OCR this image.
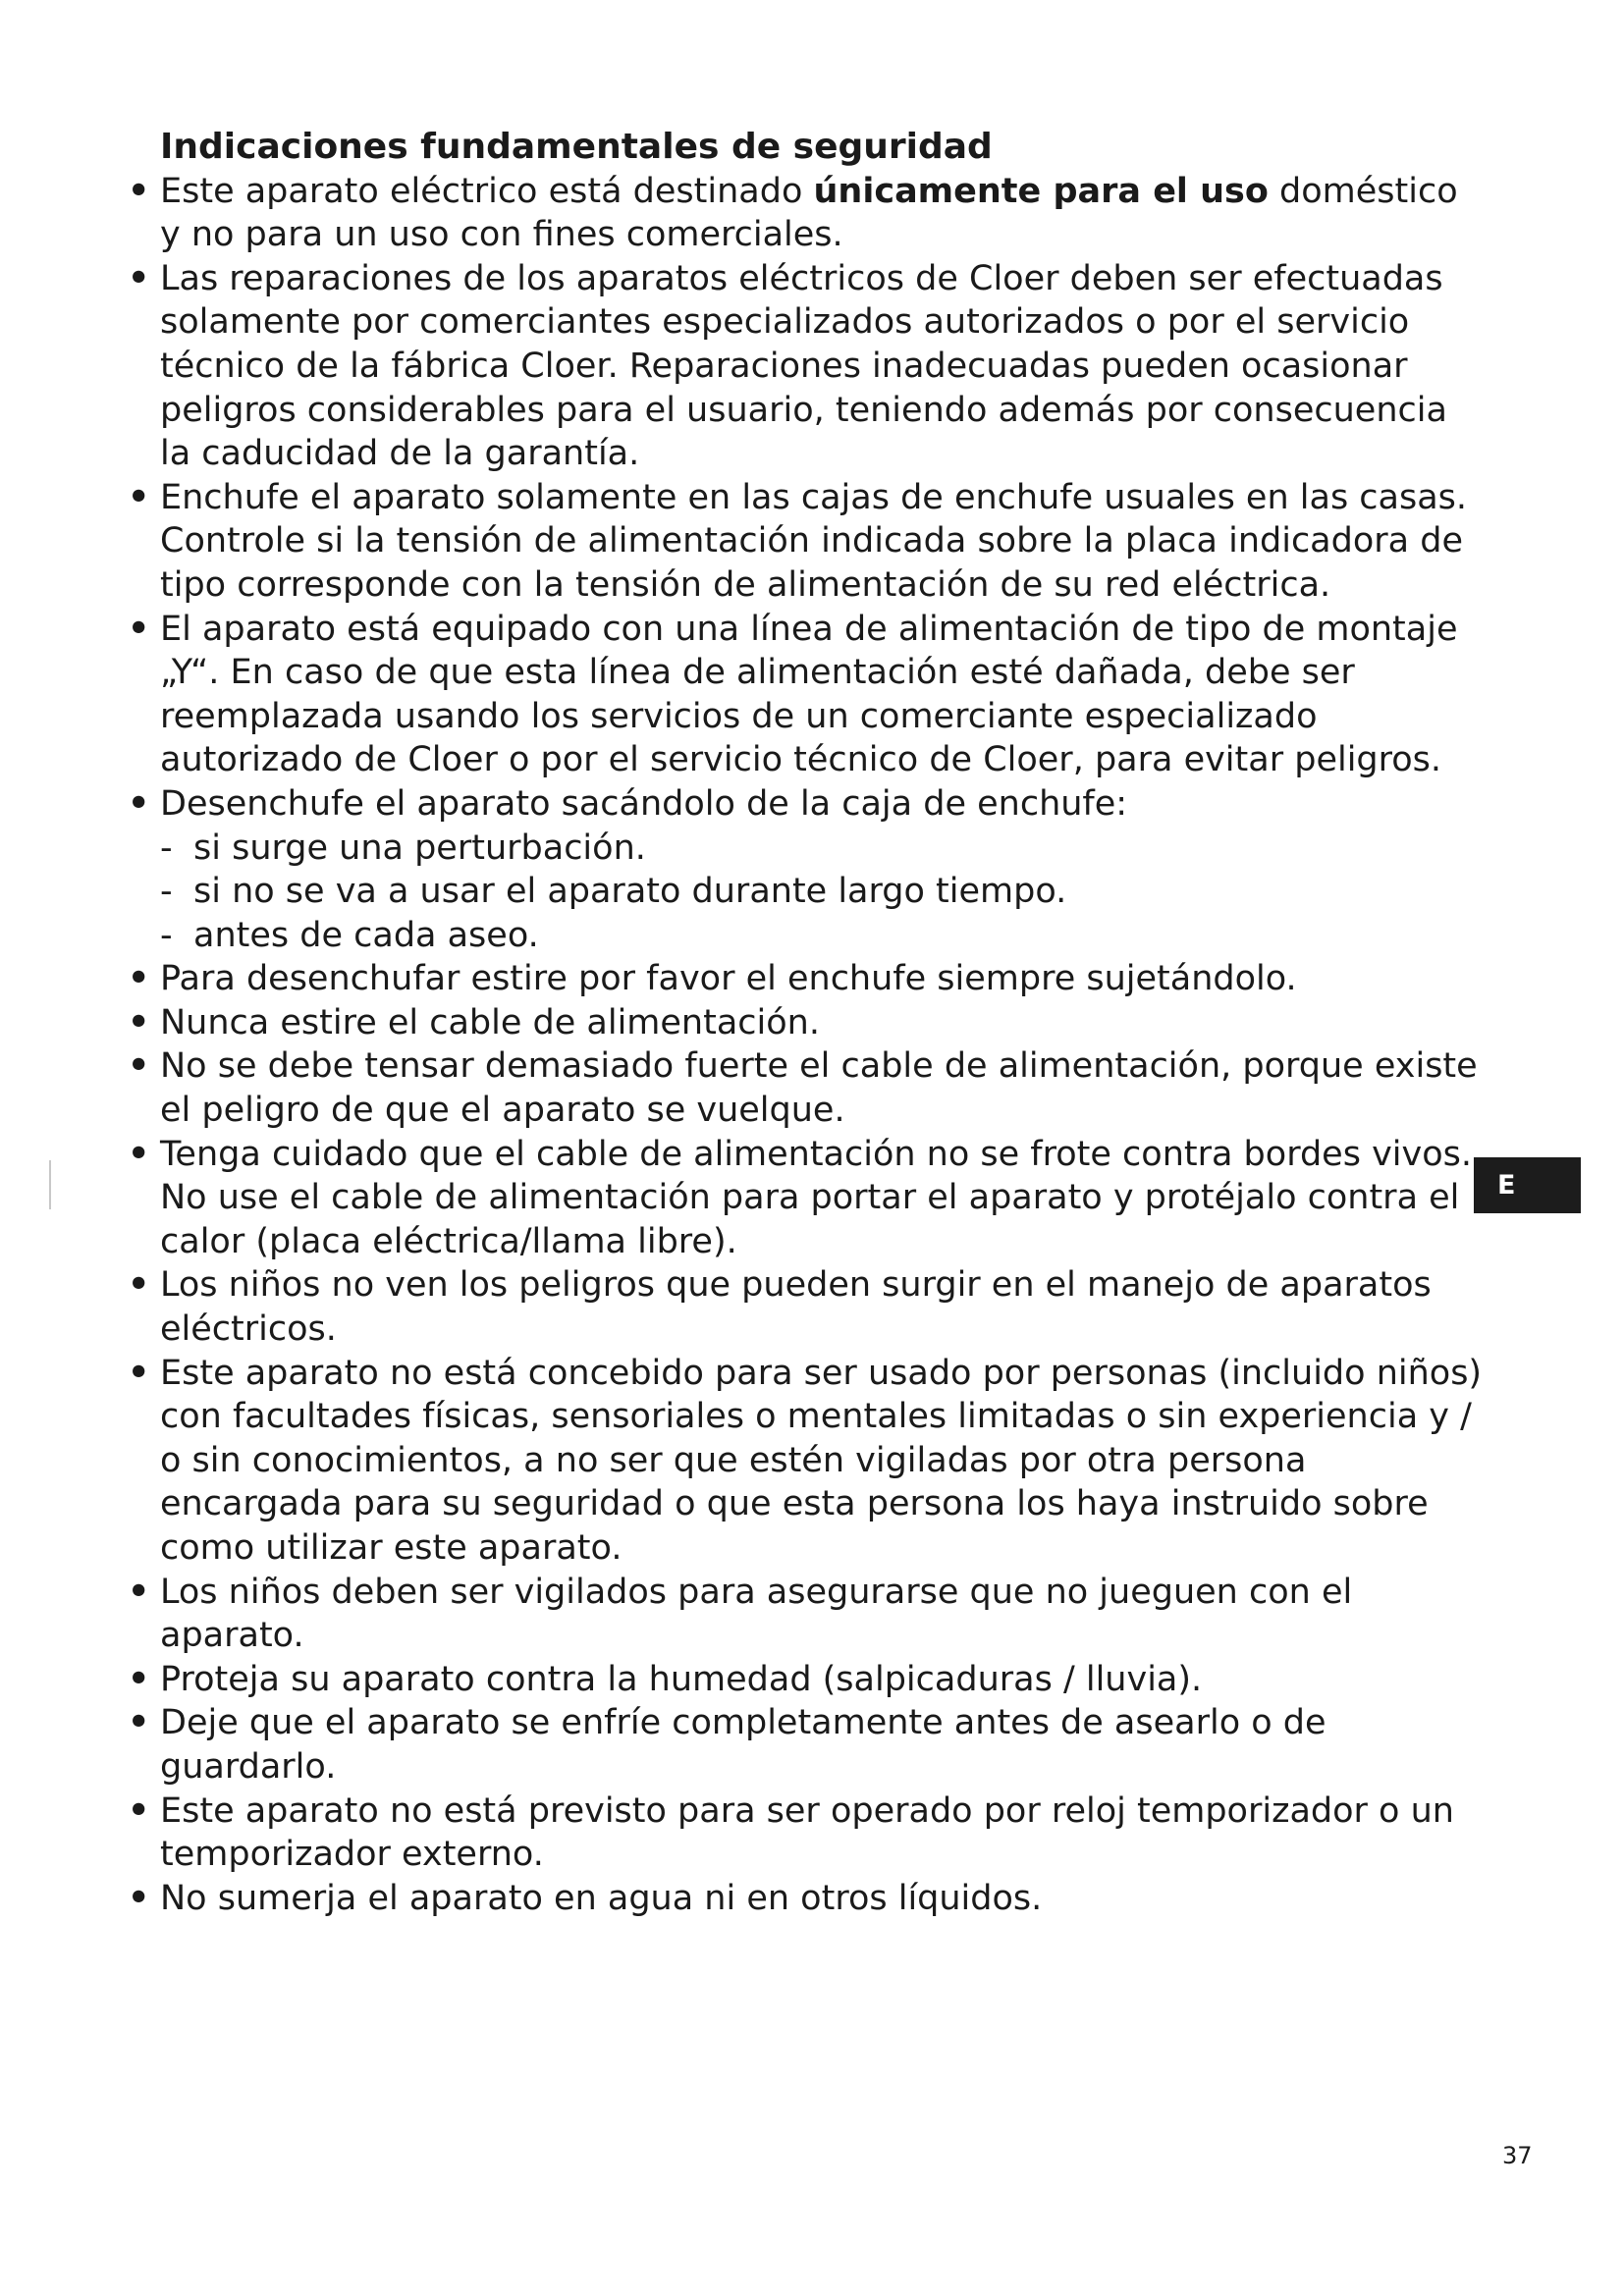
Indicaciones fundamentales de seguridad
• Este aparato eléctrico está destinado únicamente para el uso doméstico y no para un uso con fines comerciales.
• Las reparaciones de los aparatos eléctricos de Cloer deben ser efectuadas solamente por comerciantes especializados autorizados o por el servicio técnico de la fábrica Cloer. Reparaciones inadecuadas pueden ocasionar peligros considerables para el usuario, teniendo además por consecuencia la caducidad de la garantía.
• Enchufe el aparato solamente en las cajas de enchufe usuales en las casas. Controle si la tensión de alimentación indicada sobre la placa indicadora de tipo corresponde con la tensión de alimentación de su red eléctrica.
• El aparato está equipado con una línea de alimentación de tipo de montaje „Y“. En caso de que esta línea de alimentación esté dañada, debe ser reemplazada usando los servicios de un comerciante especializado autorizado de Cloer o por el servicio técnico de Cloer, para evitar peligros.
• Desenchufe el aparato sacándolo de la caja de enchufe:
- si surge una perturbación.
- si no se va a usar el aparato durante largo tiempo.
- antes de cada aseo.
• Para desenchufar estire por favor el enchufe siempre sujetándolo.
• Nunca estire el cable de alimentación.
• No se debe tensar demasiado fuerte el cable de alimentación, porque existe el peligro de que el aparato se vuelque.
• Tenga cuidado que el cable de alimentación no se frote contra bordes vivos. No use el cable de alimentación para portar el aparato y protéjalo contra el calor (placa eléctrica/llama libre).
• Los niños no ven los peligros que pueden surgir en el manejo de aparatos eléctricos.
• Este aparato no está concebido para ser usado por personas (incluido niños) con facultades físicas, sensoriales o mentales limitadas o sin experiencia y / o sin conocimientos, a no ser que estén vigiladas por otra persona encargada para su seguridad o que esta persona los haya instruido sobre como utilizar este aparato.
• Los niños deben ser vigilados para asegurarse que no jueguen con el aparato.
• Proteja su aparato contra la humedad (salpicaduras / lluvia).
• Deje que el aparato se enfríe completamente antes de asearlo o de guardarlo.
• Este aparato no está previsto para ser operado por reloj temporizador o un temporizador externo.
• No sumerja el aparato en agua ni en otros líquidos.
E
37
